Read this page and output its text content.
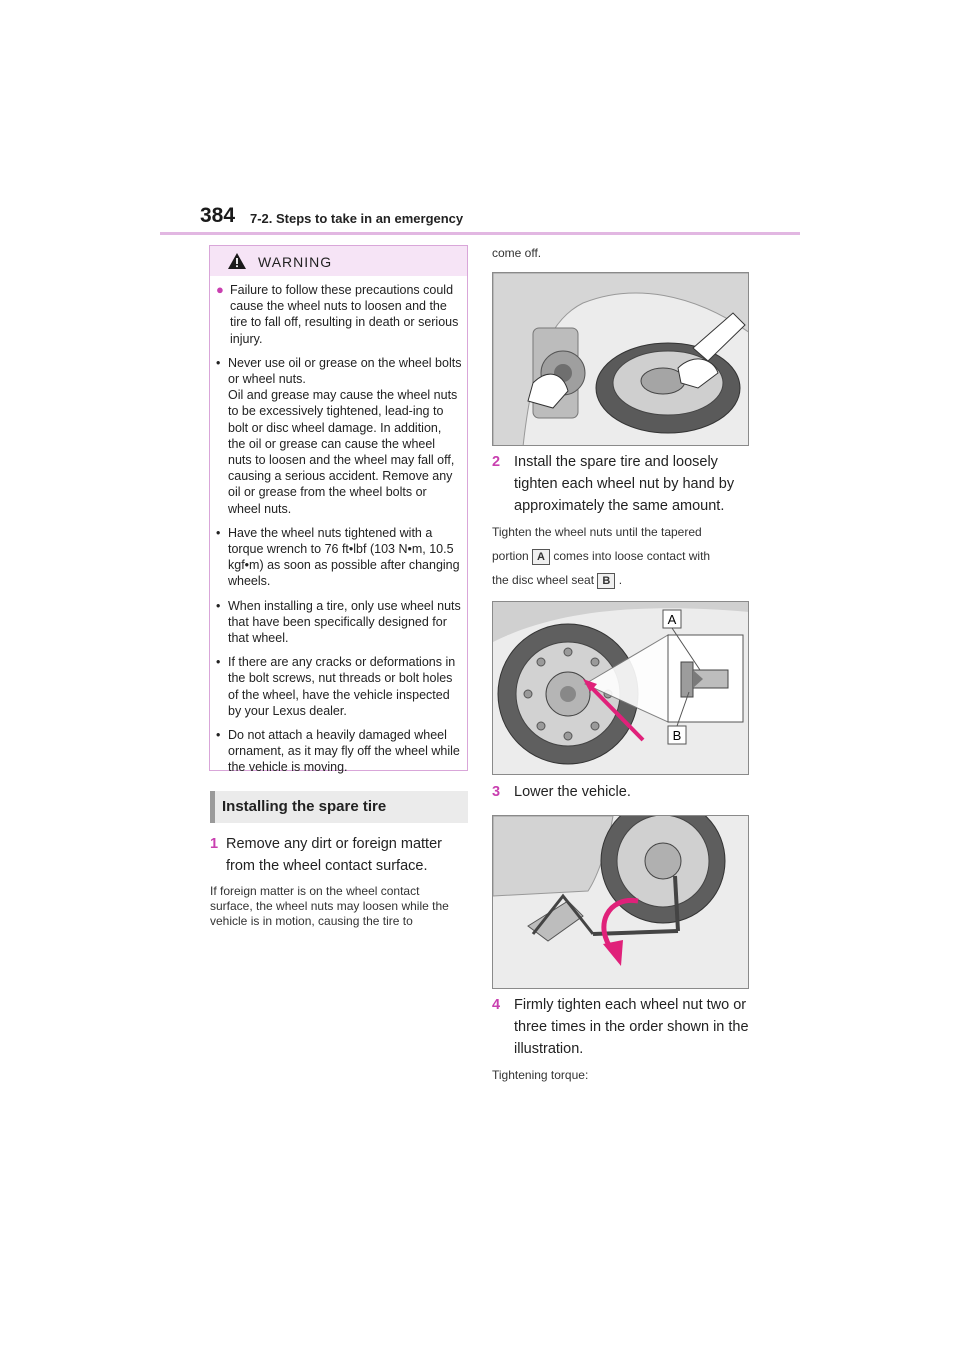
384 7-2. Steps to take in an emergency
WARNING

● Failure to follow these precautions could cause the wheel nuts to loosen and the tire to fall off, resulting in death or serious injury.

• Never use oil or grease on the wheel bolts or wheel nuts.
Oil and grease may cause the wheel nuts to be excessively tightened, lead-ing to bolt or disc wheel damage. In addition, the oil or grease can cause the wheel nuts to loosen and the wheel may fall off, causing a serious accident. Remove any oil or grease from the wheel bolts or wheel nuts.

• Have the wheel nuts tightened with a torque wrench to 76 ft•lbf (103 N•m, 10.5 kgf•m) as soon as possible after changing wheels.

• When installing a tire, only use wheel nuts that have been specifically designed for that wheel.

• If there are any cracks or deformations in the bolt screws, nut threads or bolt holes of the wheel, have the vehicle inspected by your Lexus dealer.

• Do not attach a heavily damaged wheel ornament, as it may fly off the wheel while the vehicle is moving.

Installing the spare tire
1 Remove any dirt or foreign matter from the wheel contact surface.
If foreign matter is on the wheel contact surface, the wheel nuts may loosen while the vehicle is in motion, causing the tire to
come off.
2 Install the spare tire and loosely tighten each wheel nut by hand by approximately the same amount.
Tighten the wheel nuts until the tapered
portion A comes into loose contact with
the disc wheel seat B .
A
B
3 Lower the vehicle.
4 Firmly tighten each wheel nut two or three times in the order shown in the illustration.
Tightening torque:
